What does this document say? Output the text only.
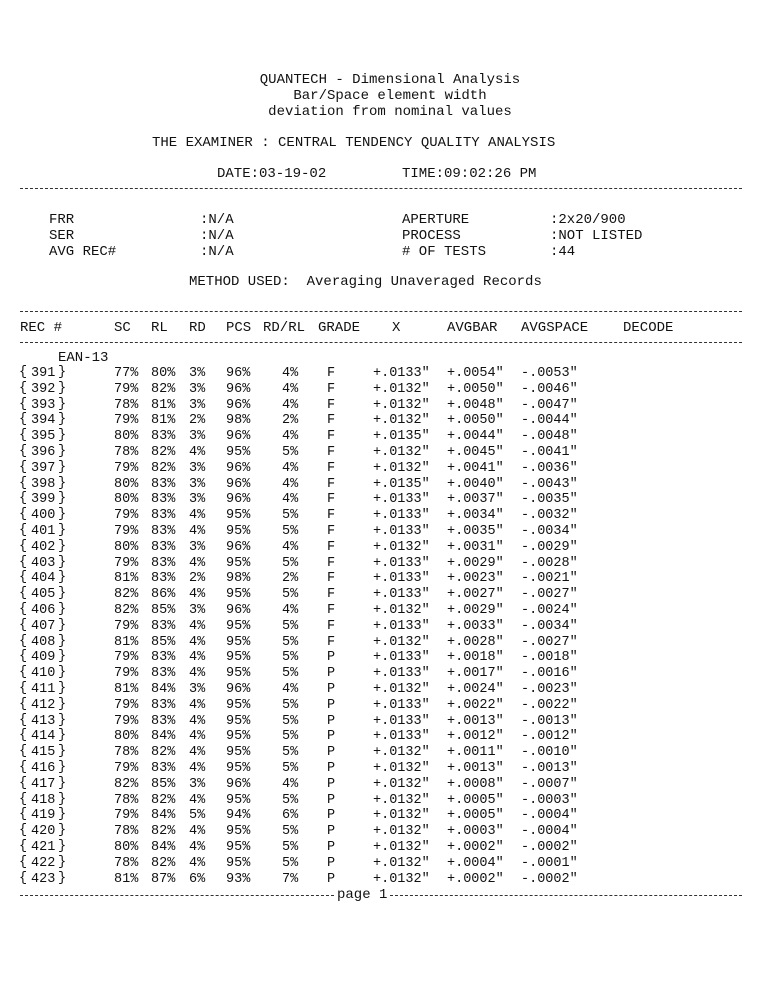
QUANTECH - Dimensional Analysis
Bar/Space element width
deviation from nominal values
THE EXAMINER : CENTRAL TENDENCY QUALITY ANALYSIS
DATE:03-19-02	TIME:09:02:26 PM
FRR	:N/A
SER	:N/A
AVG REC#	:N/A
APERTURE	:2x20/900
PROCESS	:NOT LISTED
# OF TESTS	:44
METHOD USED:  Averaging Unaveraged Records
REC #	SC RL RD PCS RD/RL GRADE X	AVGBAR AVGSPACE DECODE
EAN-13
{ }
391	77% 80% 3% 96% 4% F	+.0133" +.0054" -.0053"
{ }
392	79% 82% 3% 96% 4% F	+.0132" +.0050" -.0046"
{ }
393	78% 81% 3% 96% 4% F	+.0132" +.0048" -.0047"
{ }
394	79% 81% 2% 98% 2% F	+.0132" +.0050" -.0044"
{ }
395	80% 83% 3% 96% 4% F	+.0135" +.0044" -.0048"
{ }
396	78% 82% 4% 95% 5% F	+.0132" +.0045" -.0041"
{ }
397	79% 82% 3% 96% 4% F	+.0132" +.0041" -.0036"
{ }
398	80% 83% 3% 96% 4% F	+.0135" +.0040" -.0043"
{ }
399	80% 83% 3% 96% 4% F	+.0133" +.0037" -.0035"
{ }
400	79% 83% 4% 95% 5% F	+.0133" +.0034" -.0032"
{ }
401	79% 83% 4% 95% 5% F	+.0133" +.0035" -.0034"
{ }
402	80% 83% 3% 96% 4% F	+.0132" +.0031" -.0029"
{ }
403	79% 83% 4% 95% 5% F	+.0133" +.0029" -.0028"
{ }
404	81% 83% 2% 98% 2% F	+.0133" +.0023" -.0021"
{ }
405	82% 86% 4% 95% 5% F	+.0133" +.0027" -.0027"
{ }
406	82% 85% 3% 96% 4% F	+.0132" +.0029" -.0024"
{ }
407	79% 83% 4% 95% 5% F	+.0133" +.0033" -.0034"
{ }
408	81% 85% 4% 95% 5% F	+.0132" +.0028" -.0027"
{ }
409	79% 83% 4% 95% 5% P	+.0133" +.0018" -.0018"
{ }
410	79% 83% 4% 95% 5% P	+.0133" +.0017" -.0016"
{ }
411	81% 84% 3% 96% 4% P	+.0132" +.0024" -.0023"
{ }
412	79% 83% 4% 95% 5% P	+.0133" +.0022" -.0022"
{ }
413	79% 83% 4% 95% 5% P	+.0133" +.0013" -.0013"
{ }
414	80% 84% 4% 95% 5% P	+.0133" +.0012" -.0012"
{ }
415	78% 82% 4% 95% 5% P	+.0132" +.0011" -.0010"
{ }
416	79% 83% 4% 95% 5% P	+.0132" +.0013" -.0013"
{ }
417	82% 85% 3% 96% 4% P	+.0132" +.0008" -.0007"
{ }
418	78% 82% 4% 95% 5% P	+.0132" +.0005" -.0003"
{ }
419	79% 84% 5% 94% 6% P	+.0132" +.0005" -.0004"
{ }
420	78% 82% 4% 95% 5% P	+.0132" +.0003" -.0004"
{ }
421	80% 84% 4% 95% 5% P	+.0132" +.0002" -.0002"
{ }
422	78% 82% 4% 95% 5% P	+.0132" +.0004" -.0001"
{ }
423	81% 87% 6% 93% 7% P	+.0132" +.0002" -.0002"
page 1
